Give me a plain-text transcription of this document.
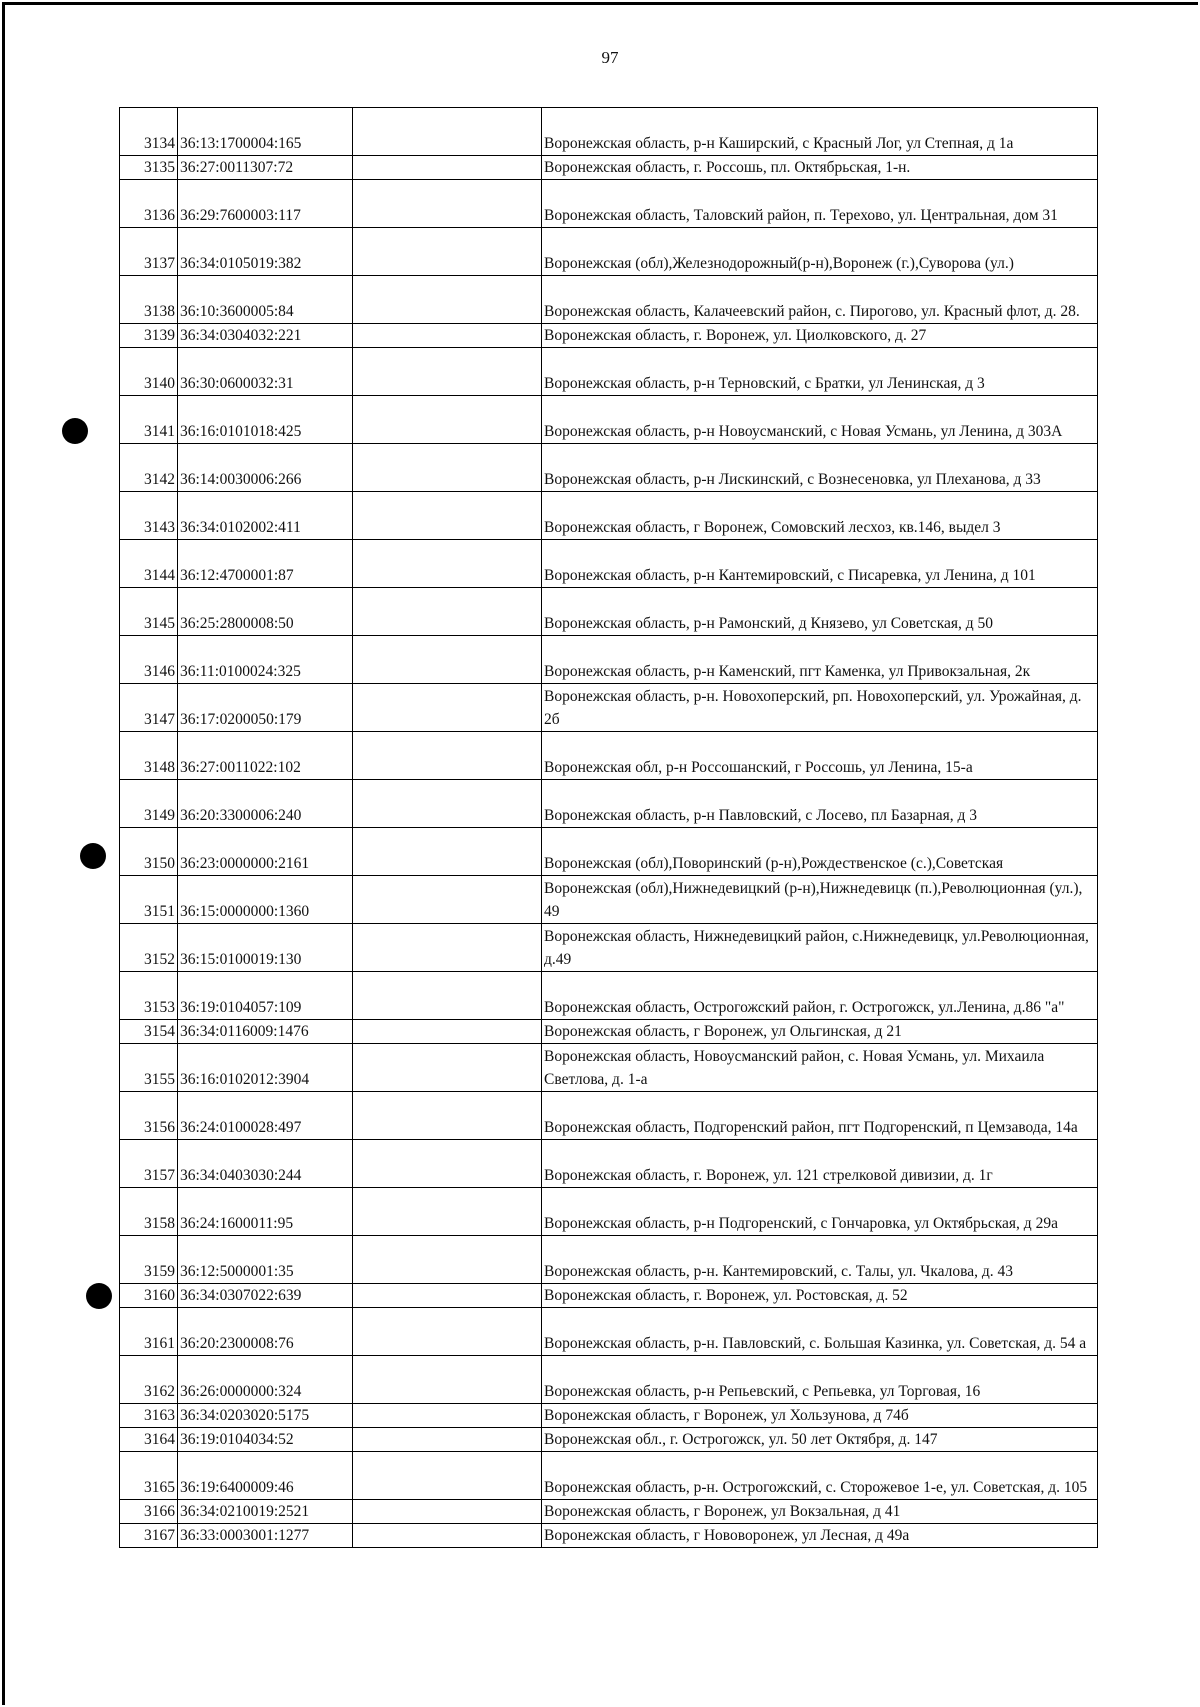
97
3134	36:13:1700004:165		Воронежская область, р-н Каширский, с Красный Лог, ул Степная, д 1а
3135	36:27:0011307:72		Воронежская область, г. Россошь, пл. Октябрьская, 1-н.
3136	36:29:7600003:117		Воронежская область, Таловский район, п. Терехово, ул. Центральная, дом 31
3137	36:34:0105019:382		Воронежская (обл),Железнодорожный(р-н),Воронеж (г.),Суворова (ул.)
3138	36:10:3600005:84		Воронежская область, Калачеевский район, с. Пирогово, ул. Красный флот, д. 28.
3139	36:34:0304032:221		Воронежская область, г. Воронеж, ул. Циолковского, д. 27
3140	36:30:0600032:31		Воронежская область, р-н Терновский, с Братки, ул Ленинская, д 3
3141	36:16:0101018:425		Воронежская область, р-н Новоусманский, с Новая Усмань, ул Ленина, д 303А
3142	36:14:0030006:266		Воронежская область, р-н Лискинский, с Вознесеновка, ул Плеханова, д 33
3143	36:34:0102002:411		Воронежская область, г Воронеж, Сомовский лесхоз, кв.146, выдел 3
3144	36:12:4700001:87		Воронежская область, р-н Кантемировский, с Писаревка, ул Ленина, д 101
3145	36:25:2800008:50		Воронежская область, р-н Рамонский, д Князево, ул Советская, д 50
3146	36:11:0100024:325		Воронежская область, р-н Каменский, пгт Каменка, ул Привокзальная, 2к
3147	36:17:0200050:179		Воронежская область, р-н. Новохоперский, рп. Новохоперский, ул. Урожайная, д. 2б
3148	36:27:0011022:102		Воронежская обл, р-н Россошанский, г Россошь, ул Ленина, 15-а
3149	36:20:3300006:240		Воронежская область, р-н Павловский, с Лосево, пл Базарная, д 3
3150	36:23:0000000:2161		Воронежская (обл),Поворинский (р-н),Рождественское (с.),Советская
3151	36:15:0000000:1360		Воронежская (обл),Нижнедевицкий (р-н),Нижнедевицк (п.),Революционная (ул.), 49
3152	36:15:0100019:130		Воронежская область, Нижнедевицкий район, с.Нижнедевицк, ул.Революционная, д.49
3153	36:19:0104057:109		Воронежская область, Острогожский район, г. Острогожск, ул.Ленина, д.86 "а"
3154	36:34:0116009:1476		Воронежская область, г Воронеж, ул Ольгинская, д 21
3155	36:16:0102012:3904		Воронежская область, Новоусманский район, с. Новая Усмань, ул. Михаила Светлова, д. 1-а
3156	36:24:0100028:497		Воронежская область, Подгоренский район, пгт Подгоренский, п Цемзавода, 14а
3157	36:34:0403030:244		Воронежская область, г. Воронеж, ул. 121 стрелковой дивизии, д. 1г
3158	36:24:1600011:95		Воронежская область, р-н Подгоренский, с Гончаровка, ул Октябрьская, д 29а
3159	36:12:5000001:35		Воронежская область, р-н. Кантемировский, с. Талы, ул. Чкалова, д. 43
3160	36:34:0307022:639		Воронежская область, г. Воронеж, ул. Ростовская, д. 52
3161	36:20:2300008:76		Воронежская область, р-н. Павловский, с. Большая Казинка, ул. Советская, д. 54 а
3162	36:26:0000000:324		Воронежская область, р-н Репьевский, с Репьевка, ул Торговая, 16
3163	36:34:0203020:5175		Воронежская область, г Воронеж, ул Хользунова, д 74б
3164	36:19:0104034:52		Воронежская обл., г. Острогожск, ул. 50 лет Октября, д. 147
3165	36:19:6400009:46		Воронежская область, р-н. Острогожский, с. Сторожевое 1-е, ул. Советская, д. 105
3166	36:34:0210019:2521		Воронежская область, г Воронеж, ул Вокзальная, д 41
3167	36:33:0003001:1277		Воронежская область, г Нововоронеж, ул Лесная, д 49а
